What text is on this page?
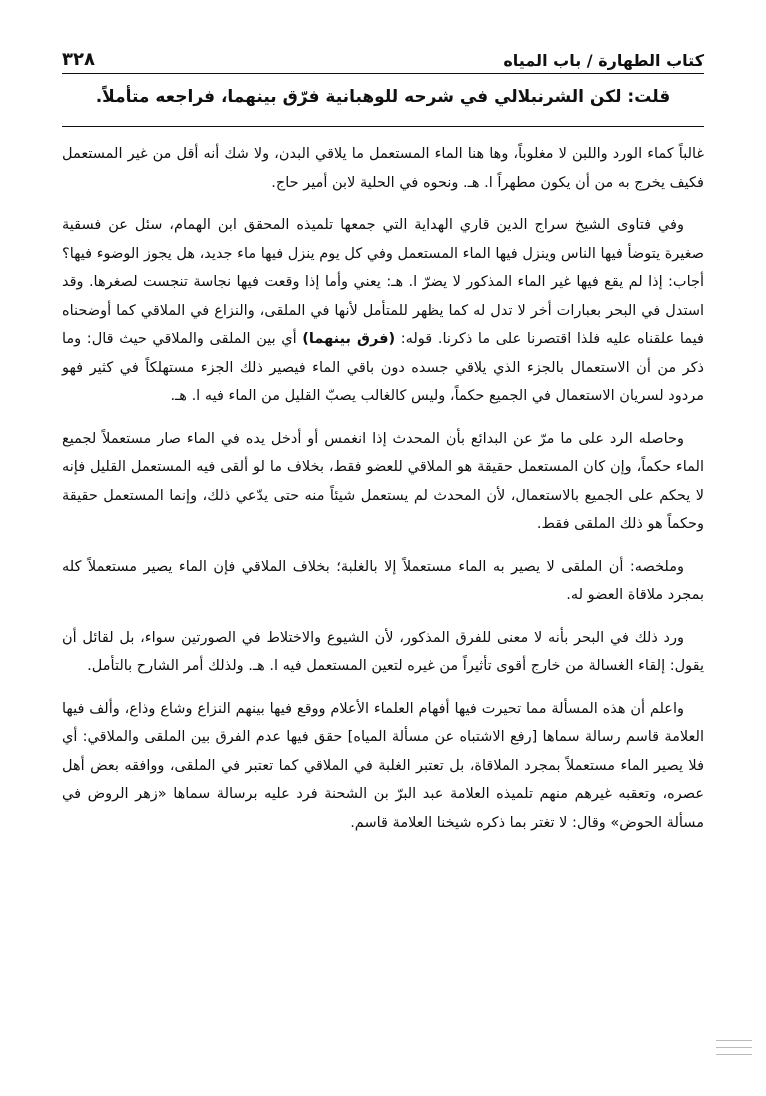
كتاب الطهارة / باب المياه
٣٢٨
قلت: لكن الشرنبلالي في شرحه للوهبانية فرّق بينهما، فراجعه متأملاً.

غالباً كماء الورد واللبن لا مغلوباً، وها هنا الماء المستعمل ما يلاقي البدن، ولا شك أنه أقل من غير المستعمل فكيف يخرج به من أن يكون مطهراً ا. هـ. ونحوه في الحلية لابن أمير حاج.

وفي فتاوى الشيخ سراج الدين قاري الهداية التي جمعها تلميذه المحقق ابن الهمام، سئل عن فسقية صغيرة يتوضأ فيها الناس وينزل فيها الماء المستعمل وفي كل يوم ينزل فيها ماء جديد، هل يجوز الوضوء فيها؟ أجاب: إذا لم يقع فيها غير الماء المذكور لا يضرّ ا. هـ: يعني وأما إذا وقعت فيها نجاسة تنجست لصغرها. وقد استدل في البحر بعبارات أخر لا تدل له كما يظهر للمتأمل لأنها في الملقى، والنزاع في الملاقي كما أوضحناه فيما علقناه عليه فلذا اقتصرنا على ما ذكرنا. قوله: (فرق بينهما) أي بين الملقى والملاقي حيث قال: وما ذكر من أن الاستعمال بالجزء الذي يلاقي جسده دون باقي الماء فيصير ذلك الجزء مستهلكاً في كثير فهو مردود لسريان الاستعمال في الجميع حكماً، وليس كالغالب يصبّ القليل من الماء فيه ا. هـ.

وحاصله الرد على ما مرّ عن البدائع بأن المحدث إذا انغمس أو أدخل يده في الماء صار مستعملاً لجميع الماء حكماً، وإن كان المستعمل حقيقة هو الملاقي للعضو فقط، بخلاف ما لو ألقى فيه المستعمل القليل فإنه لا يحكم على الجميع بالاستعمال، لأن المحدث لم يستعمل شيئاً منه حتى يدّعي ذلك، وإنما المستعمل حقيقة وحكماً هو ذلك الملقى فقط.

وملخصه: أن الملقى لا يصير به الماء مستعملاً إلا بالغلبة؛ بخلاف الملاقي فإن الماء يصير مستعملاً كله بمجرد ملاقاة العضو له.

ورد ذلك في البحر بأنه لا معنى للفرق المذكور، لأن الشيوع والاختلاط في الصورتين سواء، بل لقائل أن يقول: إلقاء الغسالة من خارج أقوى تأثيراً من غيره لتعين المستعمل فيه ا. هـ. ولذلك أمر الشارح بالتأمل.

واعلم أن هذه المسألة مما تحيرت فيها أفهام العلماء الأعلام ووقع فيها بينهم النزاع وشاع وذاع، وألف فيها العلامة قاسم رسالة سماها [رفع الاشتباه عن مسألة المياه] حقق فيها عدم الفرق بين الملقى والملاقي: أي فلا يصير الماء مستعملاً بمجرد الملاقاة، بل تعتبر الغلبة في الملاقي كما تعتبر في الملقى، ووافقه بعض أهل عصره، وتعقبه غيرهم منهم تلميذه العلامة عبد البرّ بن الشحنة فرد عليه برسالة سماها «زهر الروض في مسألة الحوض» وقال: لا تغتر بما ذكره شيخنا العلامة قاسم.
